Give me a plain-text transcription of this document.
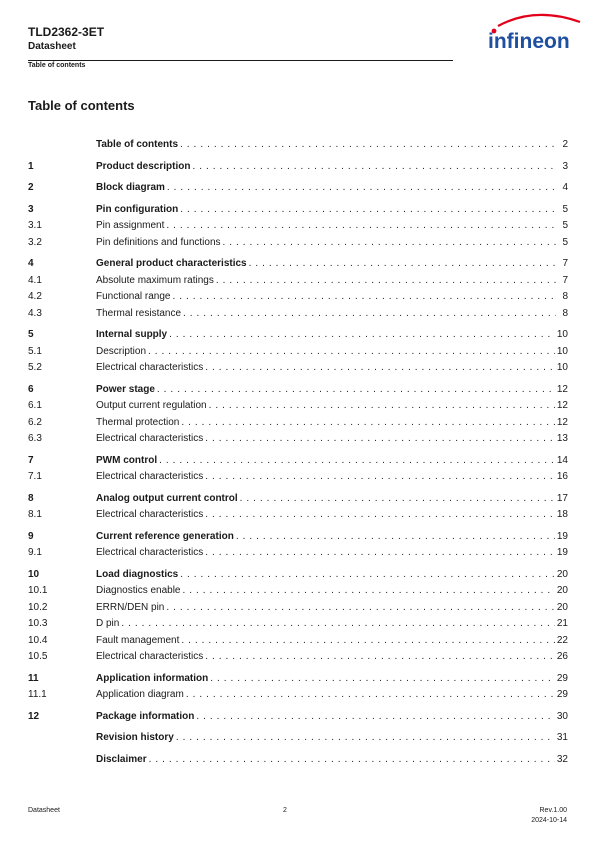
TLD2362-3ET
Datasheet
Table of contents
infineon
Table of contents
Table of contents . . .	2
1	Product description . . .	3
2	Block diagram . . .	4
3	Pin configuration . . .	5
3.1	Pin assignment . . .	5
3.2	Pin definitions and functions . . .	5
4	General product characteristics . . .	7
4.1	Absolute maximum ratings . . .	7
4.2	Functional range . . .	8
4.3	Thermal resistance . . .	8
5	Internal supply . . .	10
5.1	Description . . .	10
5.2	Electrical characteristics . . .	10
6	Power stage . . .	12
6.1	Output current regulation . . .	12
6.2	Thermal protection . . .	12
6.3	Electrical characteristics . . .	13
7	PWM control . . .	14
7.1	Electrical characteristics . . .	16
8	Analog output current control . . .	17
8.1	Electrical characteristics . . .	18
9	Current reference generation . . .	19
9.1	Electrical characteristics . . .	19
10	Load diagnostics . . .	20
10.1	Diagnostics enable . . .	20
10.2	ERRN/DEN pin . . .	20
10.3	D pin . . .	21
10.4	Fault management . . .	22
10.5	Electrical characteristics . . .	26
11	Application information . . .	29
11.1	Application diagram . . .	29
12	Package information . . .	30
Revision history . . .	31
Disclaimer . . .	32
Datasheet	2	Rev.1.00
2024-10-14
